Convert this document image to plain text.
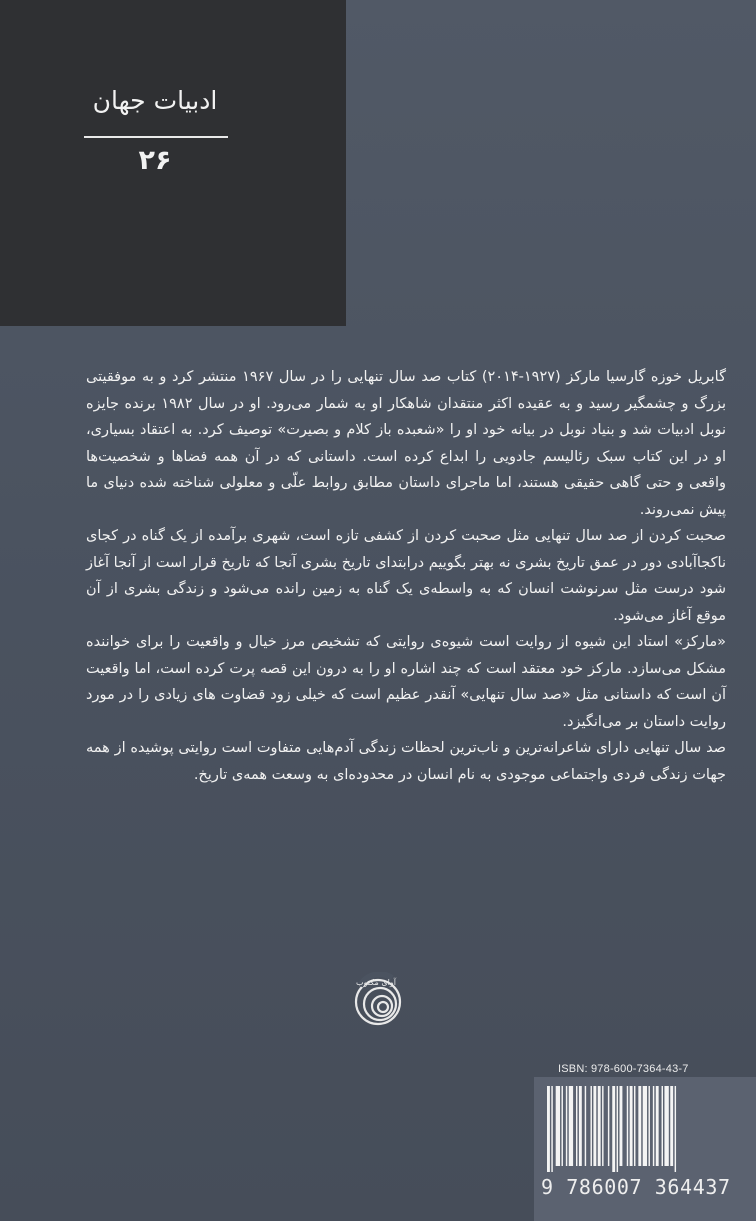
ادبیات جهان
۲۶

گابریل خوزه گارسیا مارکز (۱۹۲۷-۲۰۱۴) کتاب صد سال تنهایی را در سال ۱۹۶۷ منتشر کرد و به موفقیتی بزرگ و چشمگیر رسید و به عقیده اکثر منتقدان شاهکار او به شمار می‌رود. او در سال ۱۹۸۲ برنده جایزه نوبل ادبیات شد و بنیاد نوبل در بیانه خود او را «شعبده باز کلام و بصیرت» توصیف کرد. به اعتقاد بسیاری، او در این کتاب سبک رئالیسم جادویی را ابداع کرده است. داستانی که در آن همه فضاها و شخصیت‌ها واقعی و حتی گاهی حقیقی هستند، اما ماجرای داستان مطابق روابط علّی و معلولی شناخته شده دنیای ما پیش نمی‌روند.

صحبت کردن از صد سال تنهایی مثل صحبت کردن از کشفی تازه است، شهری برآمده از یک گناه در کجای ناکجاآبادی دور در عمق تاریخ بشری نه بهتر بگوییم درابتدای تاریخ بشری آنجا که تاریخ قرار است از آنجا آغاز شود درست مثل سرنوشت انسان که به واسطه‌ی یک گناه به زمین رانده می‌شود و زندگی بشری از آن موقع آغاز می‌شود.

«مارکز» استاد این شیوه از روایت است شیوه‌ی روایتی که تشخیص مرز خیال و واقعیت را برای خواننده مشکل می‌سازد. مارکز خود معتقد است که چند اشاره او را به درون این قصه پرت کرده است، اما واقعیت آن است که داستانی مثل «صد سال تنهایی» آنقدر عظیم است که خیلی زود قضاوت های زیادی را در مورد روایت داستان بر می‌انگیزد.

صد سال تنهایی دارای شاعرانه‌ترین و ناب‌ترین لحظات زندگی آدم‌هایی متفاوت است روایتی پوشیده از همه جهات زندگی فردی واجتماعی موجودی به نام انسان در محدوده‌ای به وسعت همه‌ی تاریخ.

آوای مکتوب
ISBN: 978-600-7364-43-7
9 786007 364437
